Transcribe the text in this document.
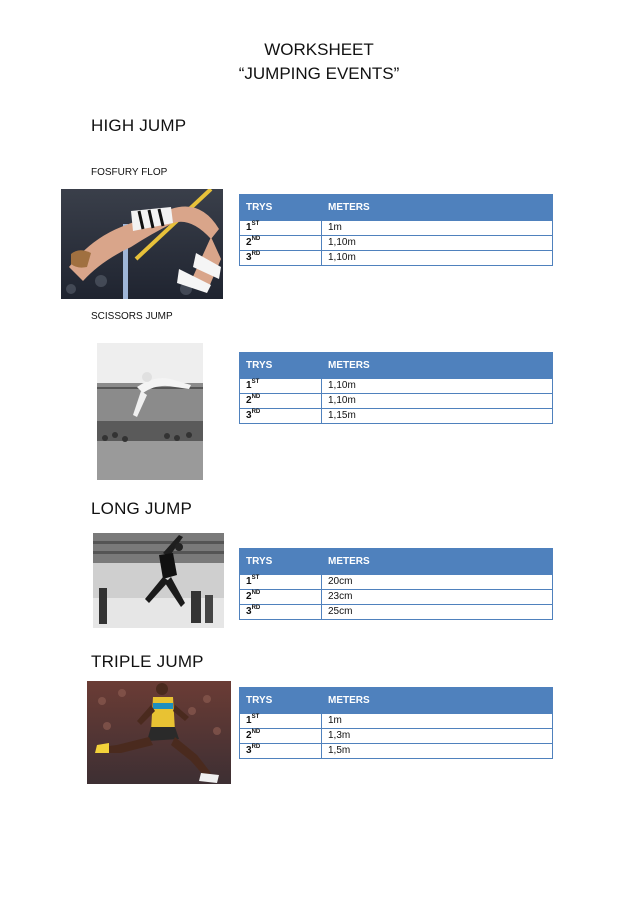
WORKSHEET
“JUMPING EVENTS”
HIGH JUMP
FOSFURY FLOP
TRYS	METERS
1ST	1m
2ND	1,10m
3RD	1,10m
SCISSORS JUMP
TRYS	METERS
1ST	1,10m
2ND	1,10m
3RD	1,15m
LONG JUMP
TRYS	METERS
1ST	20cm
2ND	23cm
3RD	25cm
TRIPLE JUMP
TRYS	METERS
1ST	1m
2ND	1,3m
3RD	1,5m
